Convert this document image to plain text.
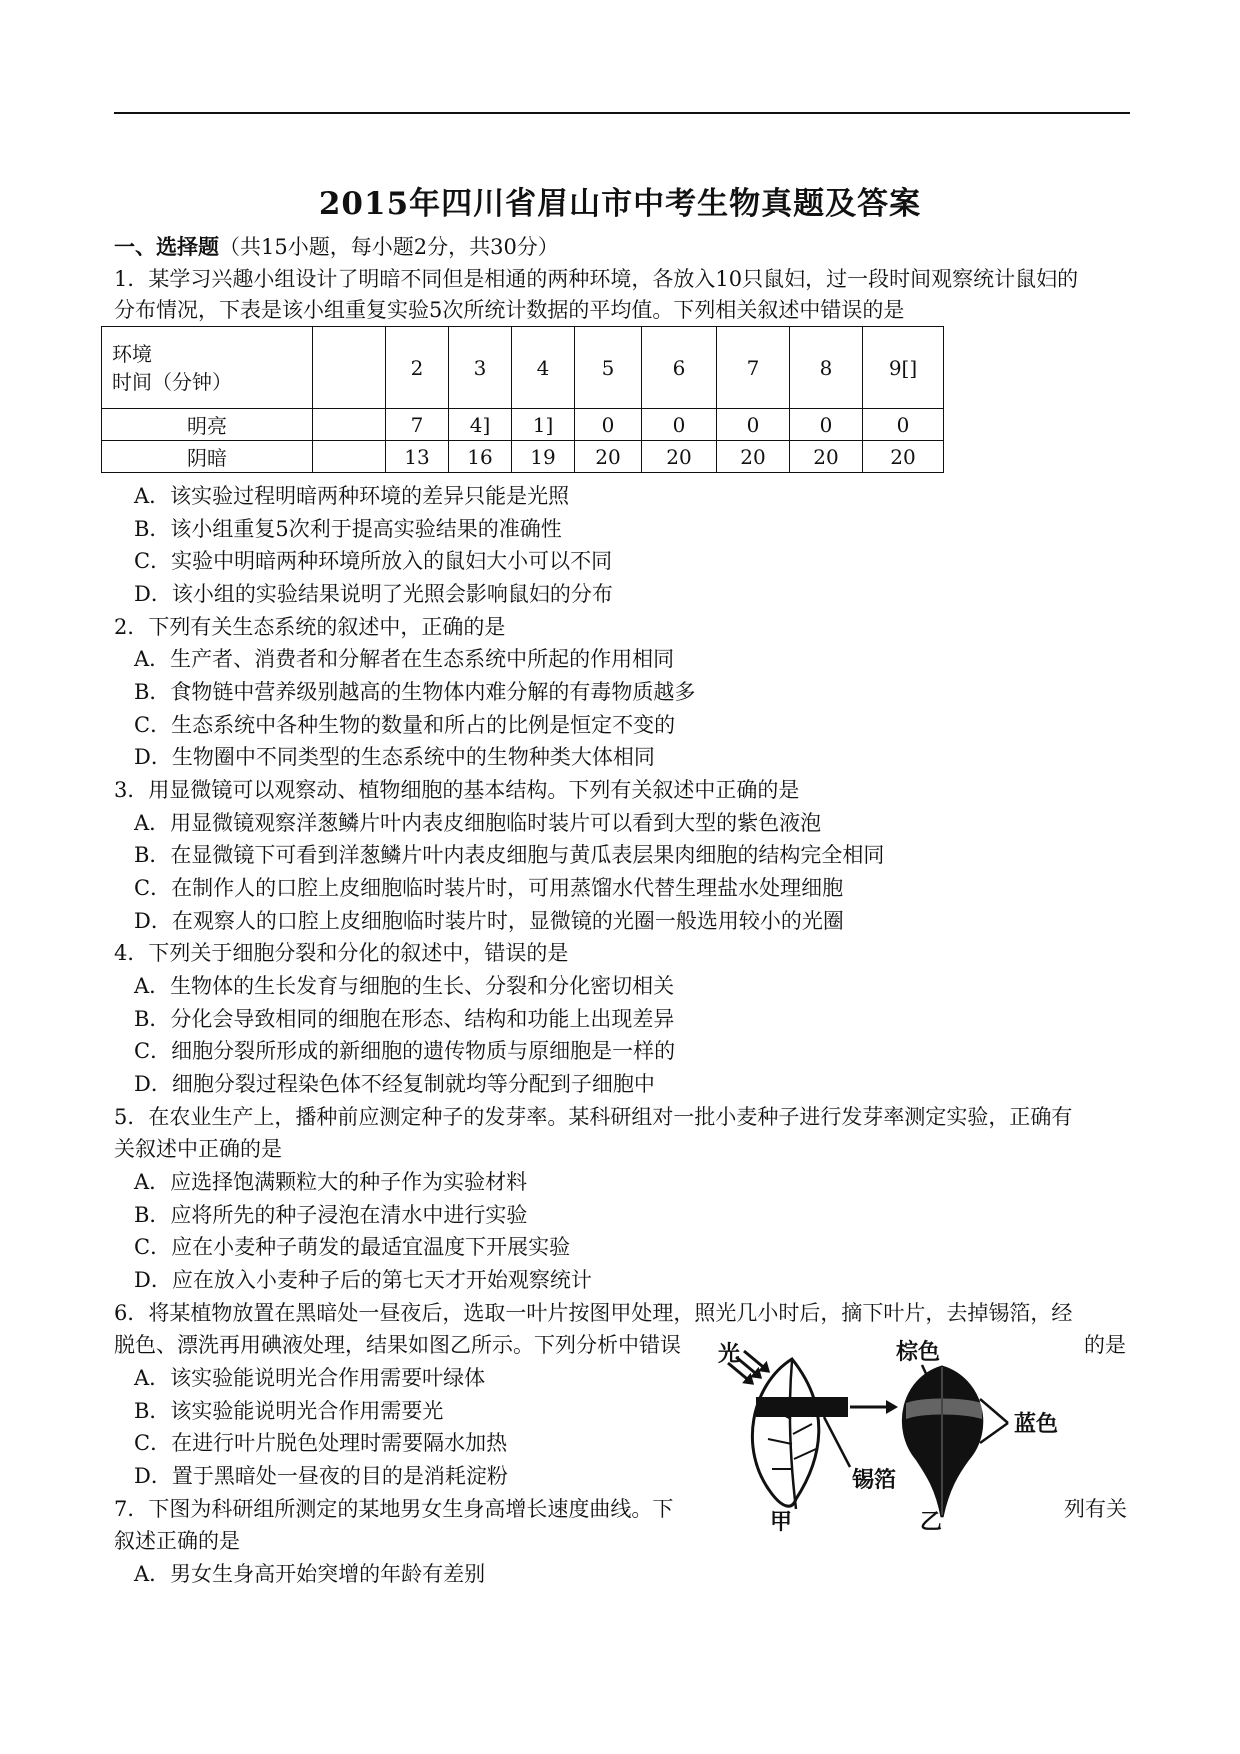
2015年四川省眉山市中考生物真题及答案
一、选择题（共15小题，每小题2分，共30分）
1．某学习兴趣小组设计了明暗不同但是相通的两种环境，各放入10只鼠妇，过一段时间观察统计鼠妇的
分布情况，下表是该小组重复实验5次所统计数据的平均值。下列相关叙述中错误的是
环境
时间（分钟）		2	3	4	5	6	7	8	9[]
明亮		7	4]	1]	0	0	0	0	0
阴暗		13	16	19	20	20	20	20	20
A．该实验过程明暗两种环境的差异只能是光照
B．该小组重复5次利于提高实验结果的准确性
C．实验中明暗两种环境所放入的鼠妇大小可以不同
D．该小组的实验结果说明了光照会影响鼠妇的分布
2．下列有关生态系统的叙述中，正确的是
A．生产者、消费者和分解者在生态系统中所起的作用相同
B．食物链中营养级别越高的生物体内难分解的有毒物质越多
C．生态系统中各种生物的数量和所占的比例是恒定不变的
D．生物圈中不同类型的生态系统中的生物种类大体相同
3．用显微镜可以观察动、植物细胞的基本结构。下列有关叙述中正确的是
A．用显微镜观察洋葱鳞片叶内表皮细胞临时装片可以看到大型的紫色液泡
B．在显微镜下可看到洋葱鳞片叶内表皮细胞与黄瓜表层果肉细胞的结构完全相同
C．在制作人的口腔上皮细胞临时装片时，可用蒸馏水代替生理盐水处理细胞
D．在观察人的口腔上皮细胞临时装片时，显微镜的光圈一般选用较小的光圈
4．下列关于细胞分裂和分化的叙述中，错误的是
A．生物体的生长发育与细胞的生长、分裂和分化密切相关
B．分化会导致相同的细胞在形态、结构和功能上出现差异
C．细胞分裂所形成的新细胞的遗传物质与原细胞是一样的
D．细胞分裂过程染色体不经复制就均等分配到子细胞中
5．在农业生产上，播种前应测定种子的发芽率。某科研组对一批小麦种子进行发芽率测定实验，正确有
关叙述中正确的是
A．应选择饱满颗粒大的种子作为实验材料
B．应将所先的种子浸泡在清水中进行实验
C．应在小麦种子萌发的最适宜温度下开展实验
D．应在放入小麦种子后的第七天才开始观察统计
6．将某植物放置在黑暗处一昼夜后，选取一叶片按图甲处理，照光几小时后，摘下叶片，去掉锡箔，经
脱色、漂洗再用碘液处理，结果如图乙所示。下列分析中错误	的是
A．该实验能说明光合作用需要叶绿体
B．该实验能说明光合作用需要光
C．在进行叶片脱色处理时需要隔水加热
D．置于黑暗处一昼夜的目的是消耗淀粉
7．下图为科研组所测定的某地男女生身高增长速度曲线。下	列有关
叙述正确的是
A．男女生身高开始突增的年龄有差别
光
甲
锡箔
棕色
蓝色
乙
